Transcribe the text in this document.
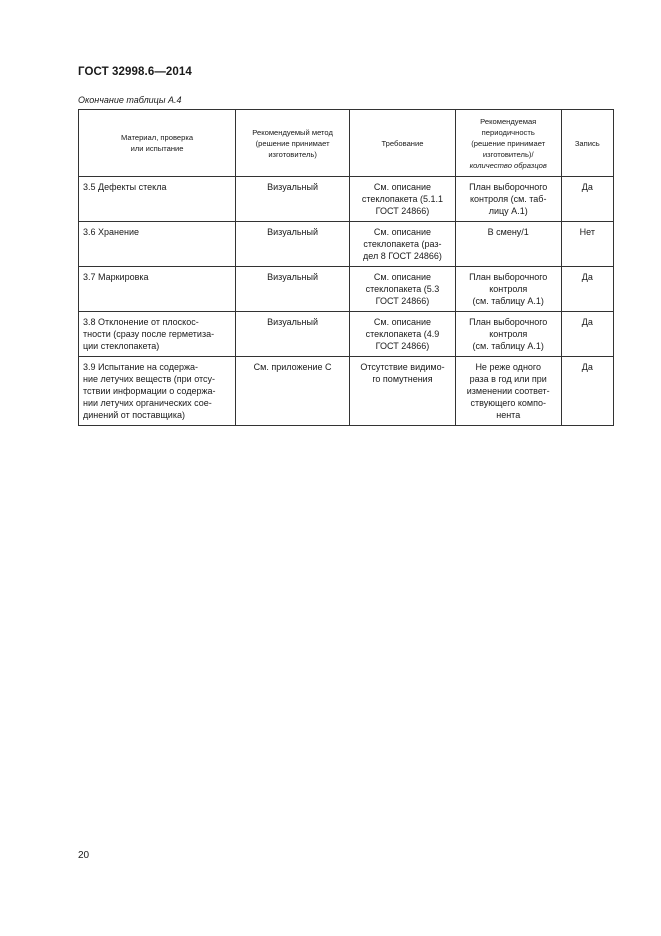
ГОСТ 32998.6—2014
Окончание таблицы А.4
Материал, проверка
или испытание	Рекомендуемый метод
(решение принимает
изготовитель)	Требование	Рекомендуемая
периодичность
(решение принимает
изготовитель)/
количество образцов	Запись
3.5 Дефекты стекла	Визуальный	См. описание
стеклопакета (5.1.1
ГОСТ 24866)	План выборочного
контроля (см. таб-
лицу А.1)	Да
3.6 Хранение	Визуальный	См. описание
стеклопакета (раз-
дел 8 ГОСТ 24866)	В смену/1	Нет
3.7 Маркировка	Визуальный	См. описание
стеклопакета (5.3
ГОСТ 24866)	План выборочного
контроля
(см. таблицу А.1)	Да
3.8 Отклонение от плоскос-
тности (сразу после герметиза-
ции стеклопакета)	Визуальный	См. описание
стеклопакета (4.9
ГОСТ 24866)	План выборочного
контроля
(см. таблицу А.1)	Да
3.9 Испытание на содержа-
ние летучих веществ (при отсу-
тствии информации о содержа-
нии летучих органических сое-
динений от поставщика)	См. приложение С	Отсутствие видимо-
го помутнения	Не реже одного
раза в год или при
изменении соответ-
ствующего компо-
нента	Да
20
